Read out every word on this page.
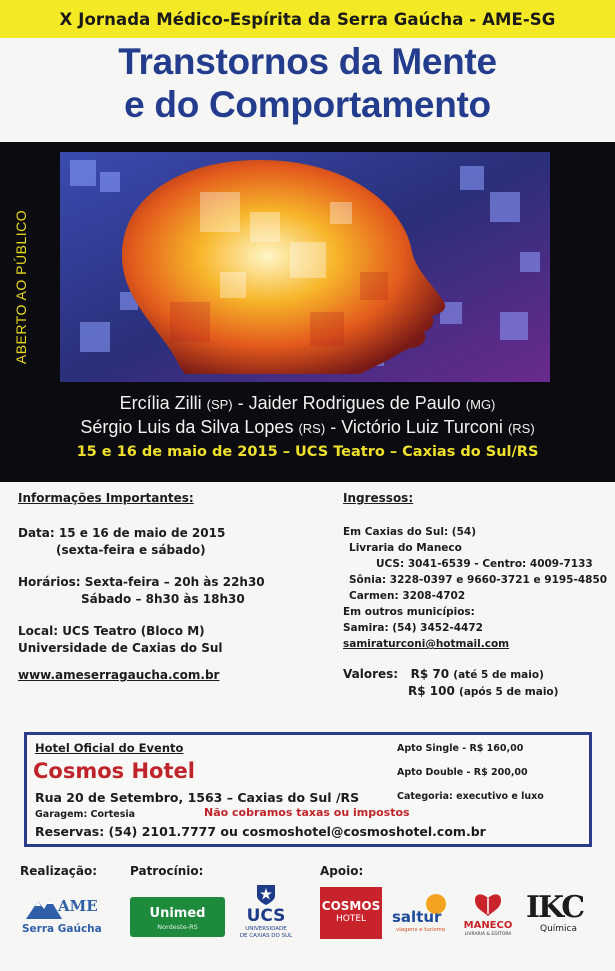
X Jornada Médico-Espírita da Serra Gaúcha - AME-SG
Transtornos da Mente
e do Comportamento
ABERTO AO PÚBLICO
Ercília Zilli (SP) - Jaider Rodrigues de Paulo (MG)
Sérgio Luis da Silva Lopes (RS) - Victório Luiz Turconi (RS)
15 e 16 de maio de 2015 – UCS Teatro – Caxias do Sul/RS

Informações Importantes:

Data: 15 e 16 de maio de 2015

(sexta-feira e sábado)

Horários: Sexta-feira – 20h às 22h30

Sábado – 8h30 às 18h30

Local: UCS Teatro (Bloco M)

Universidade de Caxias do Sul

www.ameserragaucha.com.br

Ingressos:

Em Caxias do Sul: (54)

Livraria do Maneco

UCS: 3041-6539 - Centro: 4009-7133

Sônia: 3228-0397 e 9660-3721 e 9195-4850

Carmen: 3208-4702

Em outros municípios:

Samira: (54) 3452-4472

samiraturconi@hotmail.com

Valores: R$ 70 (até 5 de maio)

R$ 100 (após 5 de maio)

Hotel Oficial do Evento
Cosmos Hotel
Rua 20 de Setembro, 1563 – Caxias do Sul /RS
Garagem: Cortesia	Não cobramos taxas ou impostos
Reservas: (54) 2101.7777 ou cosmoshotel@cosmoshotel.com.br
Apto Single - R$ 160,00
Apto Double - R$ 200,00
Categoria: executivo e luxo
Realização:	Patrocínio:	Apoio:
AME
Serra Gaúcha
Unimed
Nordeste-RS
UCS
UNIVERSIDADE
DE CAXIAS DO SUL
COSMOS
HOTEL	saltur
viagens e turismo	MANECO
LIVRARIA & EDITORA
IKC
Química
